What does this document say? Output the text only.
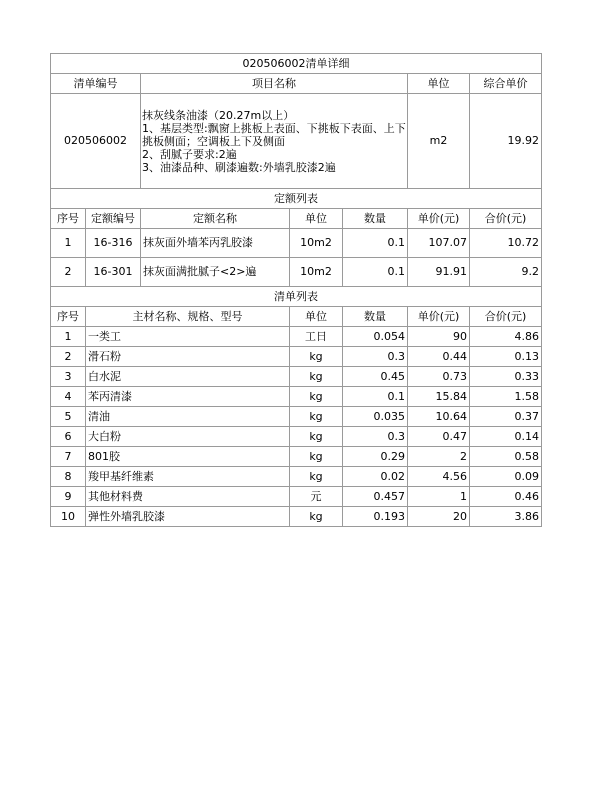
020506002清单详细						
清单编号		项目名称			单位	综合单价
020506002		抹灰线条油漆（20.27m以上）
1、基层类型:飘窗上挑板上表面、下挑板下表面、上下挑板侧面；空调板上下及侧面
2、刮腻子要求:2遍
3、油漆品种、刷漆遍数:外墙乳胶漆2遍			m2	19.92
定额列表						
序号	定额编号	定额名称	单位	数量	单价(元)	合价(元)
1	16-316	抹灰面外墙苯丙乳胶漆	10m2	0.1	107.07	10.72
2	16-301	抹灰面满批腻子<2>遍	10m2	0.1	91.91	9.2
清单列表						
序号	主材名称、规格、型号		单位	数量	单价(元)	合价(元)
1	一类工		工日	0.054	90	4.86
2	滑石粉		kg	0.3	0.44	0.13
3	白水泥		kg	0.45	0.73	0.33
4	苯丙清漆		kg	0.1	15.84	1.58
5	清油		kg	0.035	10.64	0.37
6	大白粉		kg	0.3	0.47	0.14
7	801胶		kg	0.29	2	0.58
8	羧甲基纤维素		kg	0.02	4.56	0.09
9	其他材料费		元	0.457	1	0.46
10	弹性外墙乳胶漆		kg	0.193	20	3.86
